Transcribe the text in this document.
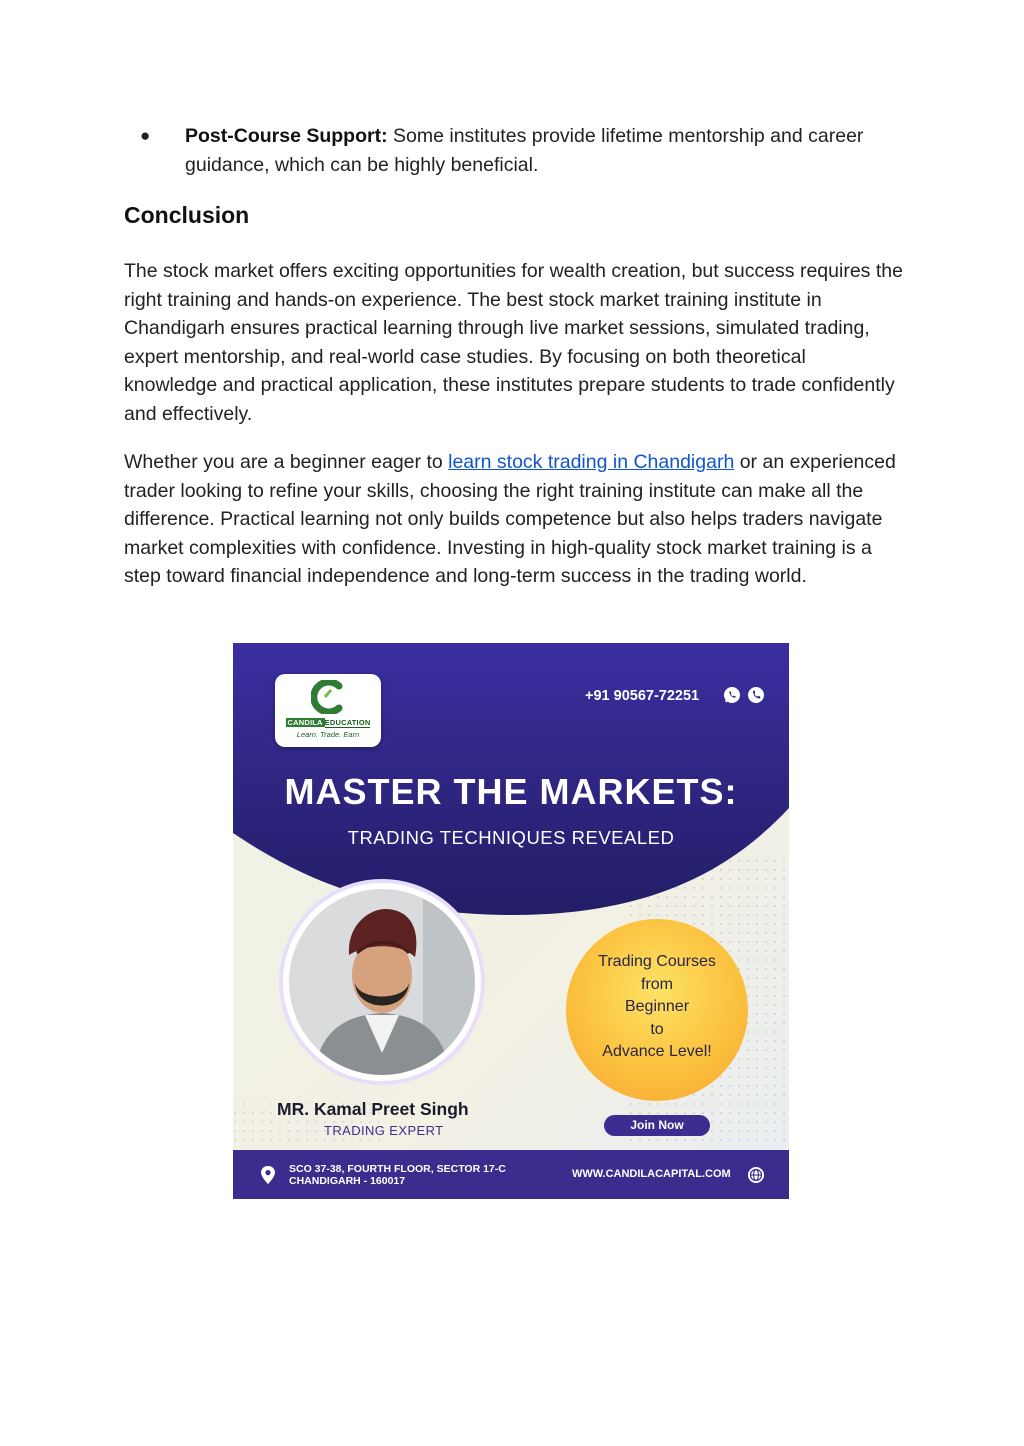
● Post-Course Support: Some institutes provide lifetime mentorship and career guidance, which can be highly beneficial.
Conclusion

The stock market offers exciting opportunities for wealth creation, but success requires the right training and hands-on experience. The best stock market training institute in Chandigarh ensures practical learning through live market sessions, simulated trading, expert mentorship, and real-world case studies. By focusing on both theoretical knowledge and practical application, these institutes prepare students to trade confidently and effectively.

Whether you are a beginner eager to learn stock trading in Chandigarh or an experienced trader looking to refine your skills, choosing the right training institute can make all the difference. Practical learning not only builds competence but also helps traders navigate market complexities with confidence. Investing in high-quality stock market training is a step toward financial independence and long-term success in the trading world.

CANDILA EDUCATION
Learn. Trade. Earn
+91 90567-72251
MASTER THE MARKETS:
TRADING TECHNIQUES REVEALED
Trading Courses
from
Beginner
to
Advance Level!
MR. Kamal Preet Singh
TRADING EXPERT	Join Now
SCO 37-38, FOURTH FLOOR, SECTOR 17-C
CHANDIGARH - 160017
WWW.CANDILACAPITAL.COM
